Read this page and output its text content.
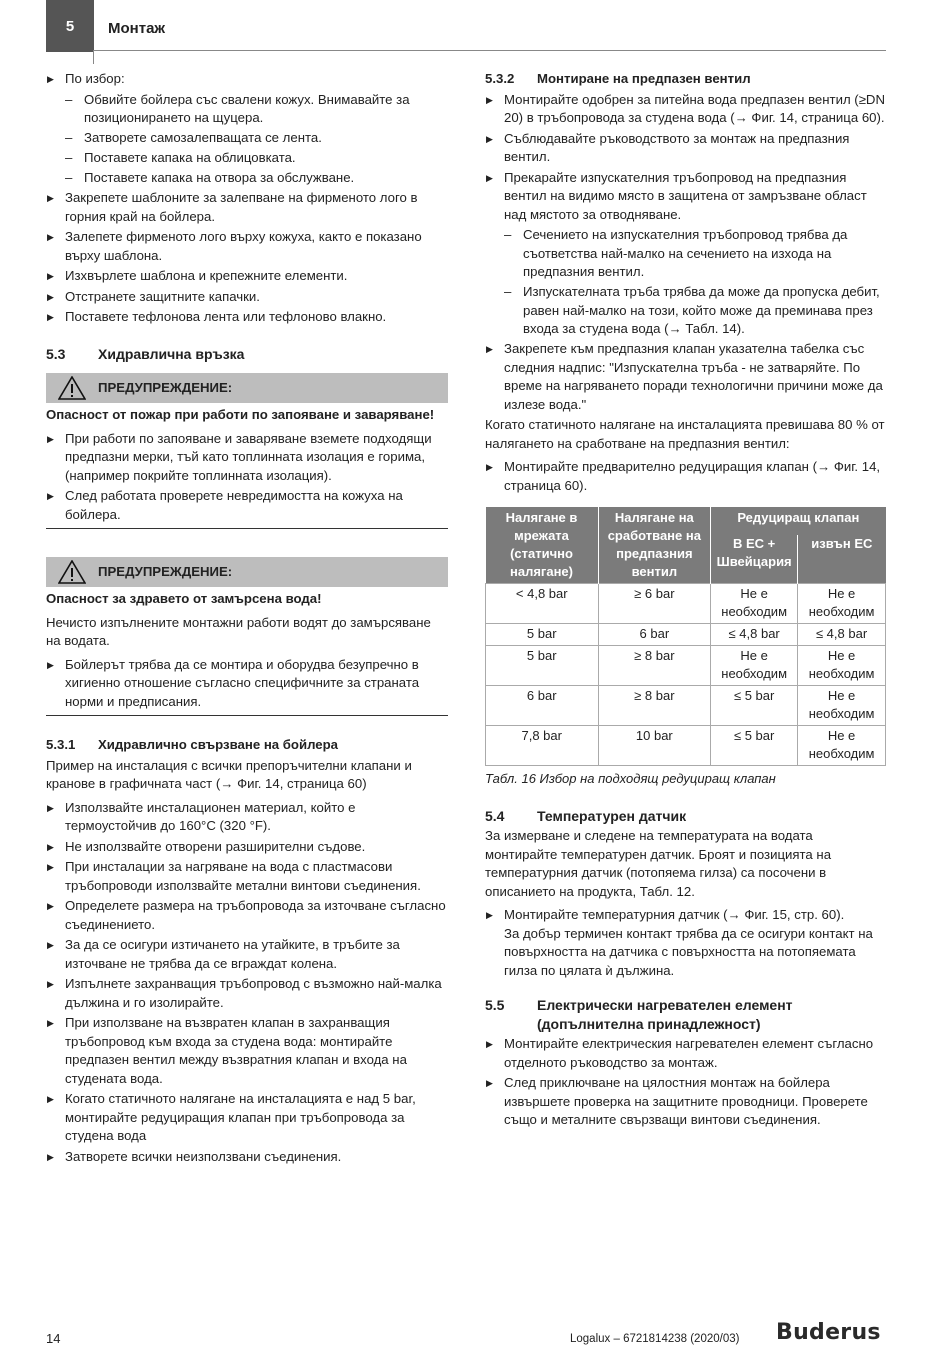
5	Монтаж
▶ По избор:
– Обвийте бойлера със свалени кожух. Внимавайте за позиционирането на щуцера.
– Затворете самозалепващата се лента.
– Поставете капака на облицовката.
– Поставете капака на отвора за обслужване.
▶ Закрепете шаблоните за залепване на фирменото лого в горния край на бойлера.
▶ Залепете фирменото лого върху кожуха, както е показано върху шаблона.
▶ Изхвърлете шаблона и крепежните елементи.
▶ Отстранете защитните капачки.
▶ Поставете тефлонова лента или тефлоново влакно.
5.3 Хидравлична връзка
ПРЕДУПРЕЖДЕНИЕ:
Опасност от пожар при работи по запояване и заваряване!
▶ При работи по запояване и заваряване вземете подходящи предпазни мерки, тъй като топлинната изолация е горима, (например покрийте топлинната изолация).
▶ След работата проверете невредимостта на кожуха на бойлера.
ПРЕДУПРЕЖДЕНИЕ:
Опасност за здравето от замърсена вода!
Нечисто изпълнените монтажни работи водят до замърсяване на водата.
▶ Бойлерът трябва да се монтира и оборудва безупречно в хигиенно отношение съгласно специфичните за страната норми и предписания.
5.3.1 Хидравлично свързване на бойлера
Пример на инсталация с всички препоръчителни клапани и кранове в графичната част (→ Фиг. 14, страница 60)
▶ Използвайте инсталационен материал, който е термоустойчив до 160°C (320 °F).
▶ Не използвайте отворени разширителни съдове.
▶ При инсталации за нагряване на вода с пластмасови тръбопроводи използвайте метални винтови съединения.
▶ Определете размера на тръбопровода за източване съгласно съединението.
▶ За да се осигури изтичането на утайките, в тръбите за източване не трябва да се вграждат колена.
▶ Изпълнете захранващия тръбопровод с възможно най-малка дължина и го изолирайте.
▶ При използване на възвратен клапан в захранващия тръбопровод към входа за студена вода: монтирайте предпазен вентил между възвратния клапан и входа на студената вода.
▶ Когато статичното налягане на инсталацията е над 5 bar, монтирайте редуциращия клапан при тръбопровода за студена вода
▶ Затворете всички неизползвани съединения.
5.3.2 Монтиране на предпазен вентил
▶ Монтирайте одобрен за питейна вода предпазен вентил (≥DN 20) в тръбопровода за студена вода (→ Фиг. 14, страница 60).
▶ Съблюдавайте ръководството за монтаж на предпазния вентил.
▶ Прекарайте изпускателния тръбопровод на предпазния вентил на видимо място в защитена от замръзване област над мястото за отводняване.
– Сечението на изпускателния тръбопровод трябва да съответства най-малко на сечението на изхода на предпазния вентил.
– Изпускателната тръба трябва да може да пропуска дебит, равен най-малко на този, който може да преминава през входа за студена вода (→ Табл. 14).
▶ Закрепете към предпазния клапан указателна табелка със следния надпис: "Изпускателна тръба - не затваряйте. По време на нагряването поради технологични причини може да излезе вода."
Когато статичното налягане на инсталацията превишава 80 % от налягането на сработване на предпазния вентил:
▶ Монтирайте предварително редуциращия клапан (→ Фиг. 14, страница 60).
Налягане в мрежата (статично налягане)	Налягане на сработване на предпазния вентил	Редуциращ клапан	
		В ЕС + Швейцария	извън ЕС
< 4,8 bar	≥ 6 bar	Не е необходим	Не е необходим
5 bar	6 bar	≤ 4,8 bar	≤ 4,8 bar
5 bar	≥ 8 bar	Не е необходим	Не е необходим
6 bar	≥ 8 bar	≤ 5 bar	Не е необходим
7,8 bar	10 bar	≤ 5 bar	Не е необходим
Табл. 16 Избор на подходящ редуциращ клапан
5.4 Температурен датчик
За измерване и следене на температурата на водата монтирайте температурен датчик. Броят и позицията на температурния датчик (потопяема гилза) са посочени в описанието на продукта, Табл. 12.
▶ Монтирайте температурния датчик (→ Фиг. 15, стр. 60).
За добър термичен контакт трябва да се осигури контакт на повърхността на датчика с повърхността на потопяемата гилза по цялата ѝ дължина.
5.5 Електрически нагревателен елемент
(допълнителна принадлежност)
▶ Монтирайте електрическия нагревателен елемент съгласно отделното ръководство за монтаж.
▶ След приключване на цялостния монтаж на бойлера извършете проверка на защитните проводници. Проверете също и металните свързващи винтови съединения.
14	Logalux – 6721814238 (2020/03) Buderus
